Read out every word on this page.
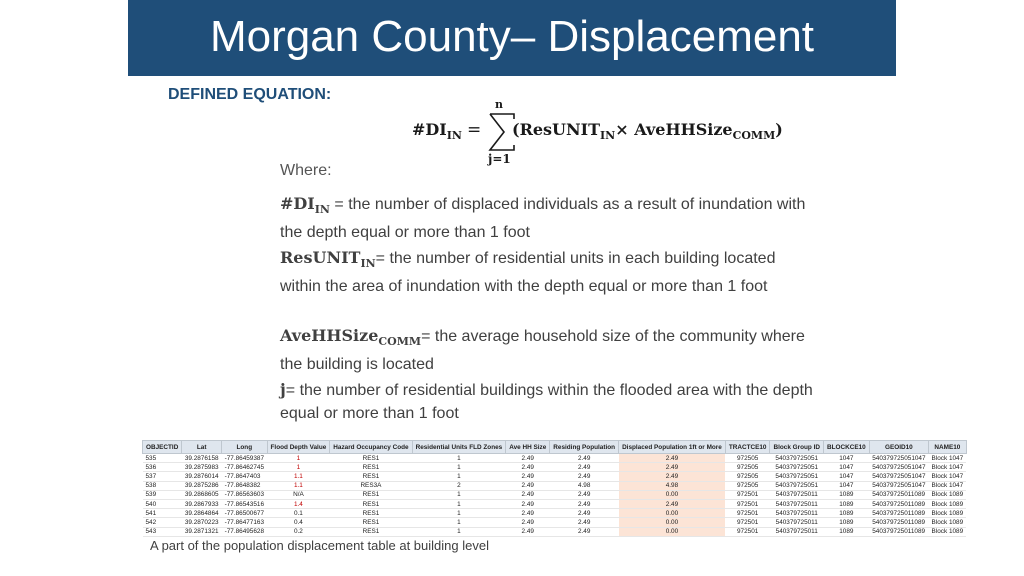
Morgan County– Displacement
DEFINED EQUATION:
$\#DI_{IN}$ =
n
j=1
(ResUNIT$_{IN}$× AveHHSize$_{COMM}$)
Where:
$\#DI_{IN}$ = the number of displaced individuals as a result of inundation with the depth equal or more than 1 foot
ResUNIT$_{IN}$= the number of residential units in each building located within the area of inundation with the depth equal or more than 1 foot
AveHHSize$_{COMM}$= the average household size of the community where the building is located
j= the number of residential buildings within the flooded area with the depth equal or more than 1 foot
OBJECTID	Lat	Long	Flood Depth Value	Hazard Occupancy Code	Residential Units FLD Zones	Ave HH Size	Residing Population	Displaced Population 1ft or More	TRACTCE10	Block Group ID	BLOCKCE10	GEOID10	NAME10
535	39.2876158	-77.86459387	1	RES1	1	2.49	2.49	2.49	972505	540379725051	1047	540379725051047	Block 1047
536	39.2875983	-77.86462745	1	RES1	1	2.49	2.49	2.49	972505	540379725051	1047	540379725051047	Block 1047
537	39.2876014	-77.8647403	1.1	RES1	1	2.49	2.49	2.49	972505	540379725051	1047	540379725051047	Block 1047
538	39.2875286	-77.8648382	1.1	RES3A	2	2.49	4.98	4.98	972505	540379725051	1047	540379725051047	Block 1047
539	39.2868605	-77.86563603	N/A	RES1	1	2.49	2.49	0.00	972501	540379725011	1089	540379725011089	Block 1089
540	39.2867933	-77.86543516	1.4	RES1	1	2.49	2.49	2.49	972501	540379725011	1089	540379725011089	Block 1089
541	39.2864864	-77.86500677	0.1	RES1	1	2.49	2.49	0.00	972501	540379725011	1089	540379725011089	Block 1089
542	39.2870223	-77.86477163	0.4	RES1	1	2.49	2.49	0.00	972501	540379725011	1089	540379725011089	Block 1089
543	39.2871321	-77.86495628	0.2	RES1	1	2.49	2.49	0.00	972501	540379725011	1089	540379725011089	Block 1089
A part of the population displacement table at building level
